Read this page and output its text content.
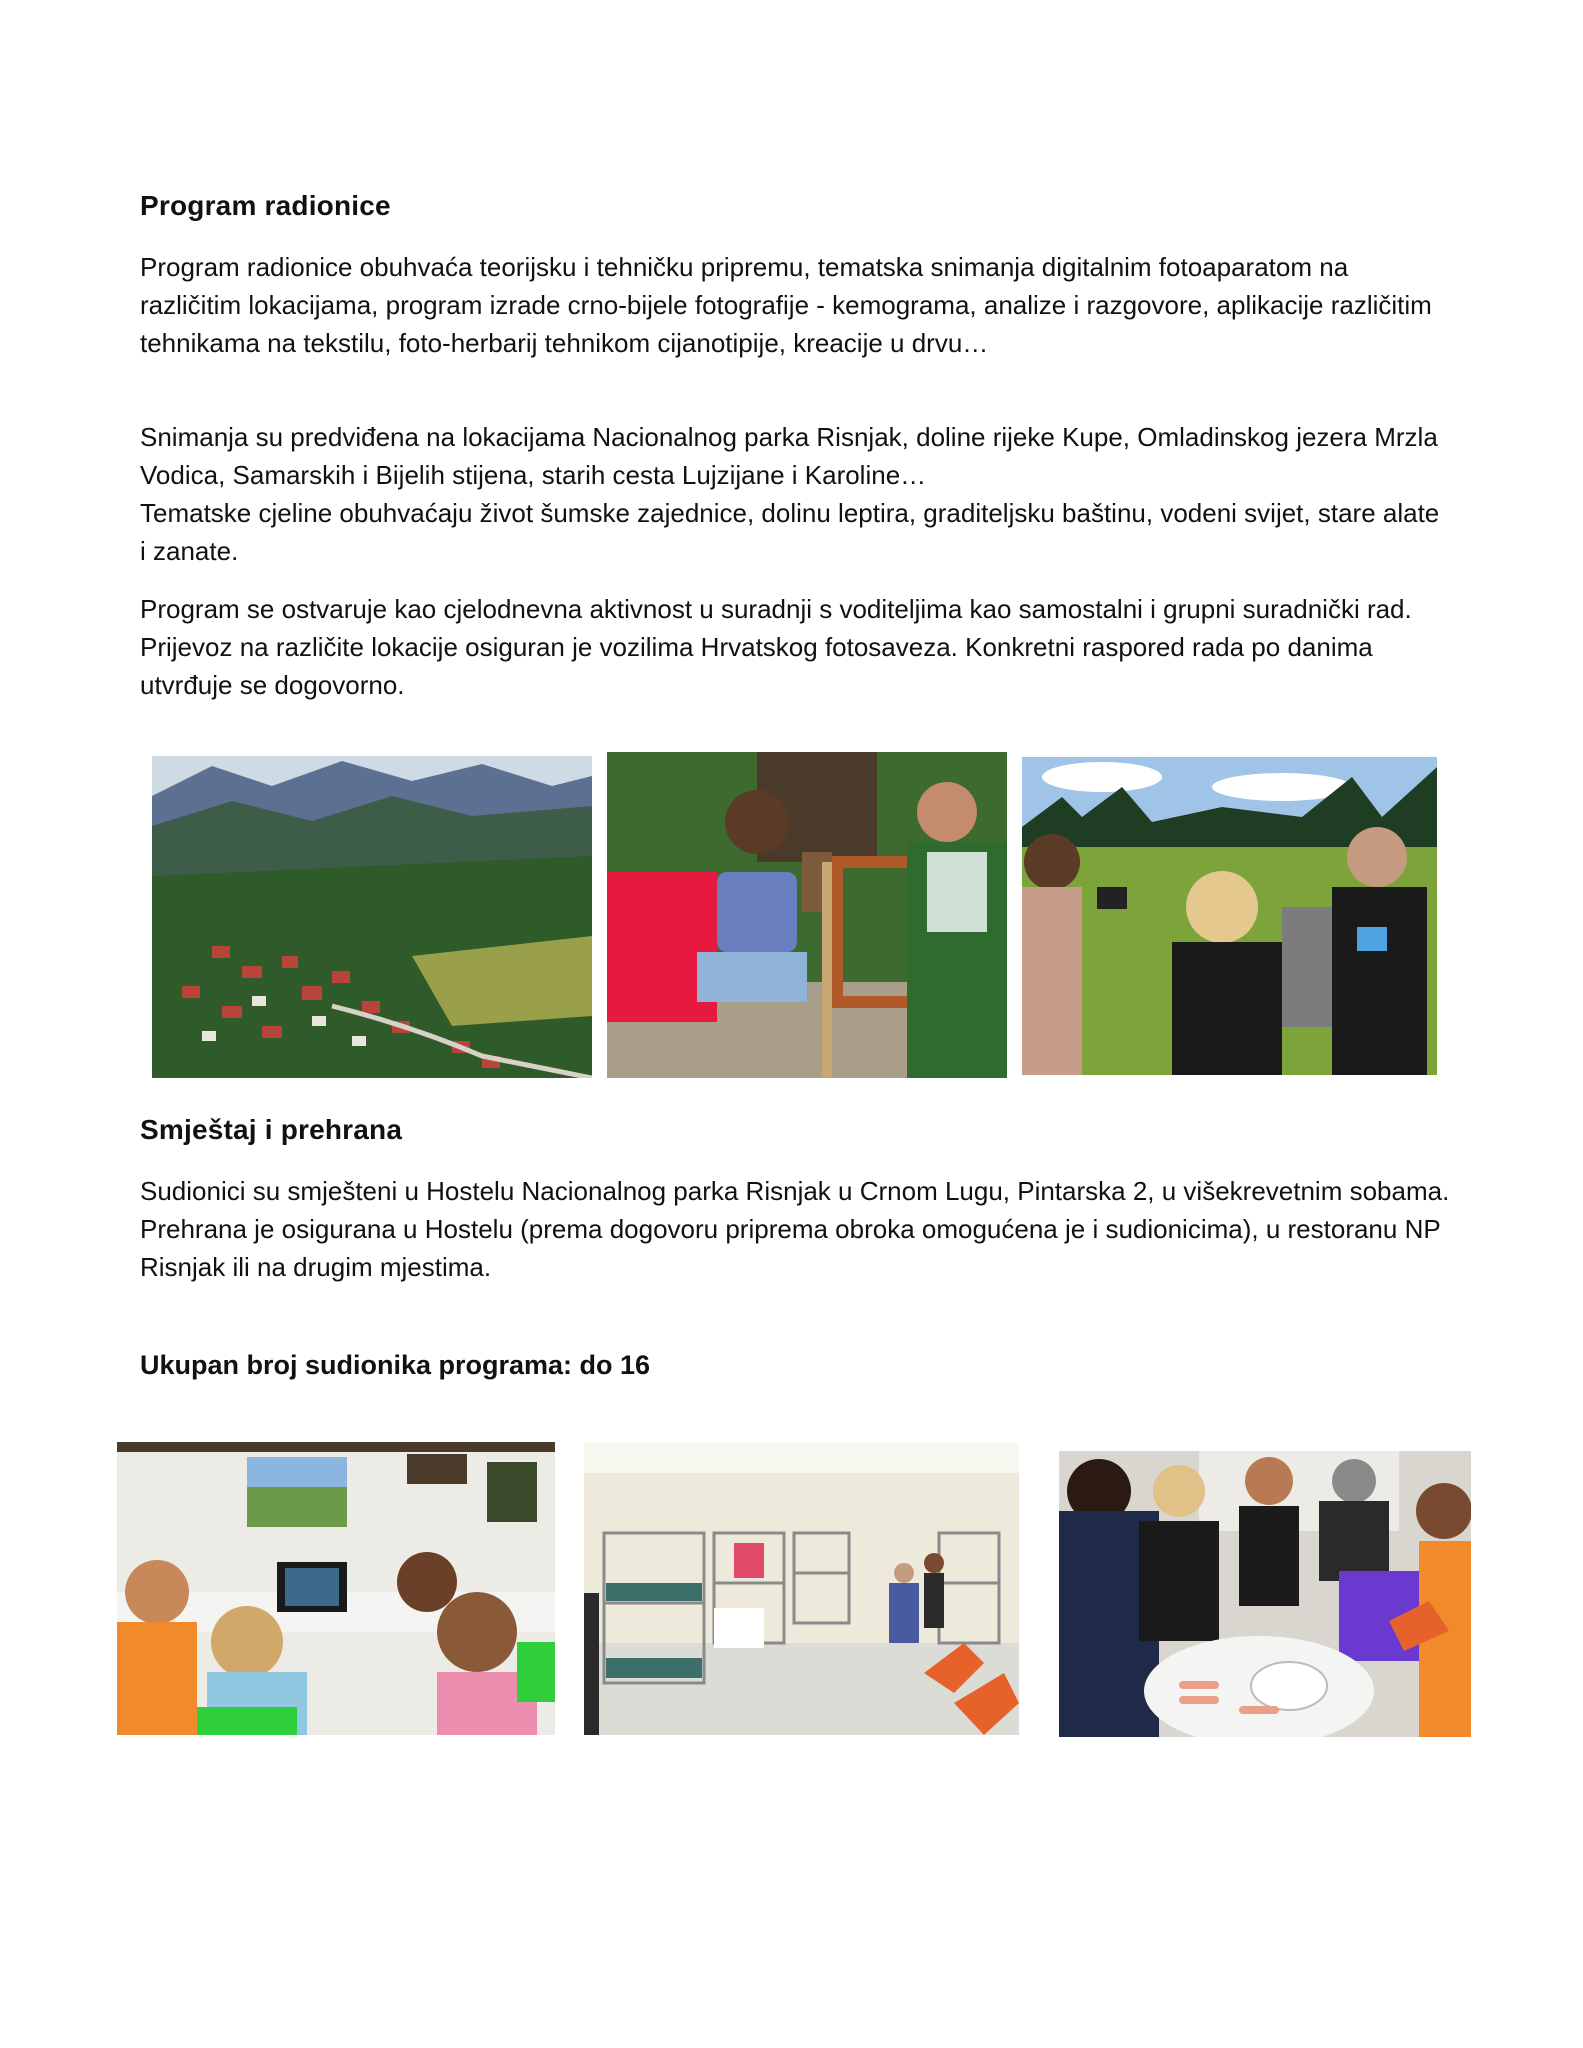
Program radionice

Program radionice obuhvaća teorijsku i tehničku pripremu, tematska snimanja digitalnim fotoaparatom na različitim lokacijama, program izrade crno-bijele fotografije - kemograma, analize i razgovore, aplikacije različitim tehnikama na tekstilu, foto-herbarij tehnikom cijanotipije, kreacije u drvu…

Snimanja su predviđena na lokacijama Nacionalnog parka Risnjak, doline rijeke Kupe, Omladinskog jezera Mrzla Vodica, Samarskih i Bijelih stijena, starih cesta Lujzijane i Karoline…

Tematske cjeline obuhvaćaju život šumske zajednice, dolinu leptira, graditeljsku baštinu, vodeni svijet, stare alate i zanate.

Program se ostvaruje kao cjelodnevna aktivnost u suradnji s voditeljima kao samostalni i grupni suradnički rad. Prijevoz na različite lokacije osiguran je vozilima Hrvatskog fotosaveza. Konkretni raspored rada po danima utvrđuje se dogovorno.

Smještaj i prehrana

Sudionici su smješteni u Hostelu Nacionalnog parka Risnjak u Crnom Lugu, Pintarska 2, u višekrevetnim sobama.

Prehrana je osigurana u Hostelu (prema dogovoru priprema obroka omogućena je i sudionicima), u restoranu NP Risnjak ili na drugim mjestima.

Ukupan broj sudionika programa: do 16
